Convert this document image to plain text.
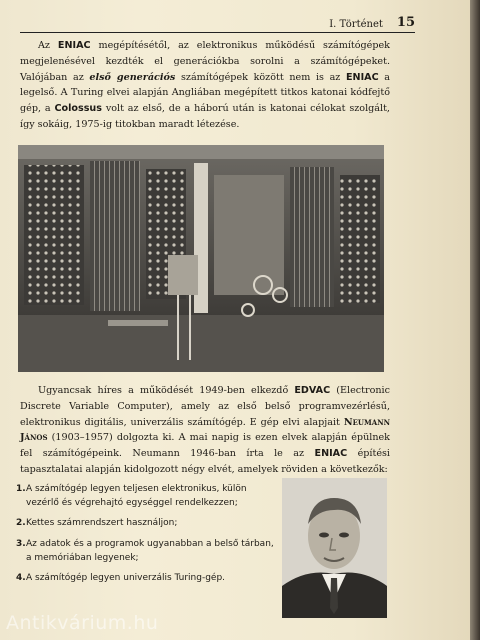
I. Történet 15

Az ENIAC megépítésétől, az elektronikus működésű számítógépek megjelenésével kezdték el generációkba sorolni a számítógépeket. Valójában az első generációs számítógépek között nem is az ENIAC a legelső. A Turing elvei alapján Angliában megépített titkos katonai kódfejtő gép, a Colossus volt az első, de a háború után is katonai célokat szolgált, így sokáig, 1975-ig titokban maradt létezése.

Ugyancsak híres a működését 1949-ben elkezdő EDVAC (Electronic Discrete Variable Computer), amely az első belső programvezérlésű, elektronikus digitális, univerzális számítógép. E gép elvi alapjait Neumann János (1903–1957) dolgozta ki. A mai napig is ezen elvek alapján épülnek fel számítógépeink. Neumann 1946-ban írta le az ENIAC építési tapasztalatai alapján kidolgozott négy elvét, amelyek röviden a következők:

1. A számítógép legyen teljesen elektronikus, külön vezérlő és végrehajtó egységgel rendelkezzen;
2. Kettes számrendszert használjon;
3. Az adatok és a programok ugyanabban a belső tárban, a memóriában legyenek;
4. A számítógép legyen univerzális Turing-gép.
Antikvárium.hu
